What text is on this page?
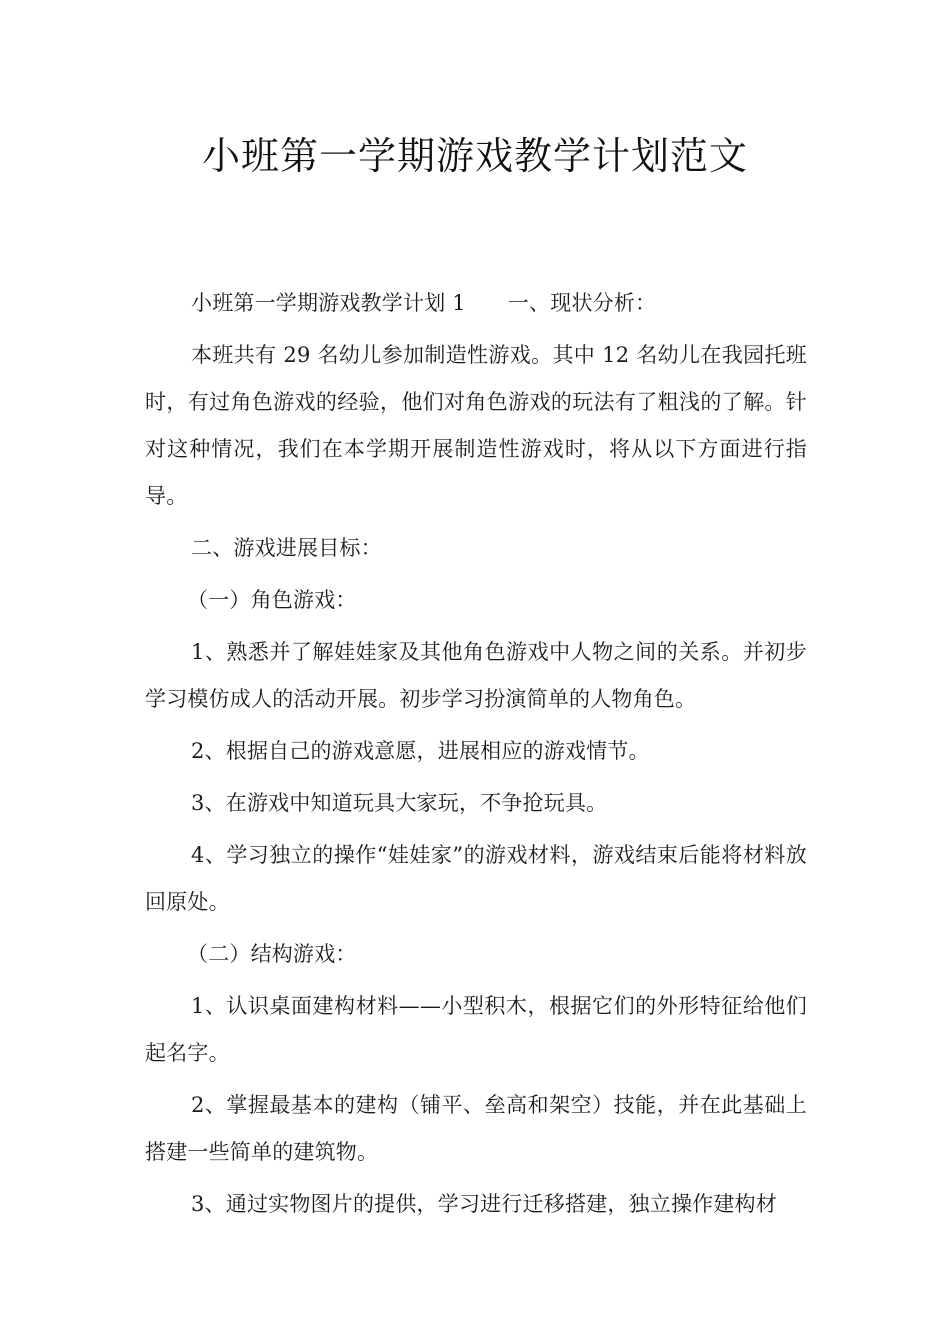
小班第一学期游戏教学计划范文

小班第一学期游戏教学计划 1 一、现状分析：

本班共有 29 名幼儿参加制造性游戏。其中 12 名幼儿在我园托班时，有过角色游戏的经验，他们对角色游戏的玩法有了粗浅的了解。针对这种情况，我们在本学期开展制造性游戏时，将从以下方面进行指导。

二、游戏进展目标：

（一）角色游戏：

1、熟悉并了解娃娃家及其他角色游戏中人物之间的关系。并初步学习模仿成人的活动开展。初步学习扮演简单的人物角色。

2、根据自己的游戏意愿，进展相应的游戏情节。

3、在游戏中知道玩具大家玩，不争抢玩具。

4、学习独立的操作“娃娃家”的游戏材料，游戏结束后能将材料放回原处。

（二）结构游戏：

1、认识桌面建构材料——小型积木，根据它们的外形特征给他们起名字。

2、掌握最基本的建构（铺平、垒高和架空）技能，并在此基础上搭建一些简单的建筑物。

3、通过实物图片的提供，学习进行迁移搭建，独立操作建构材
